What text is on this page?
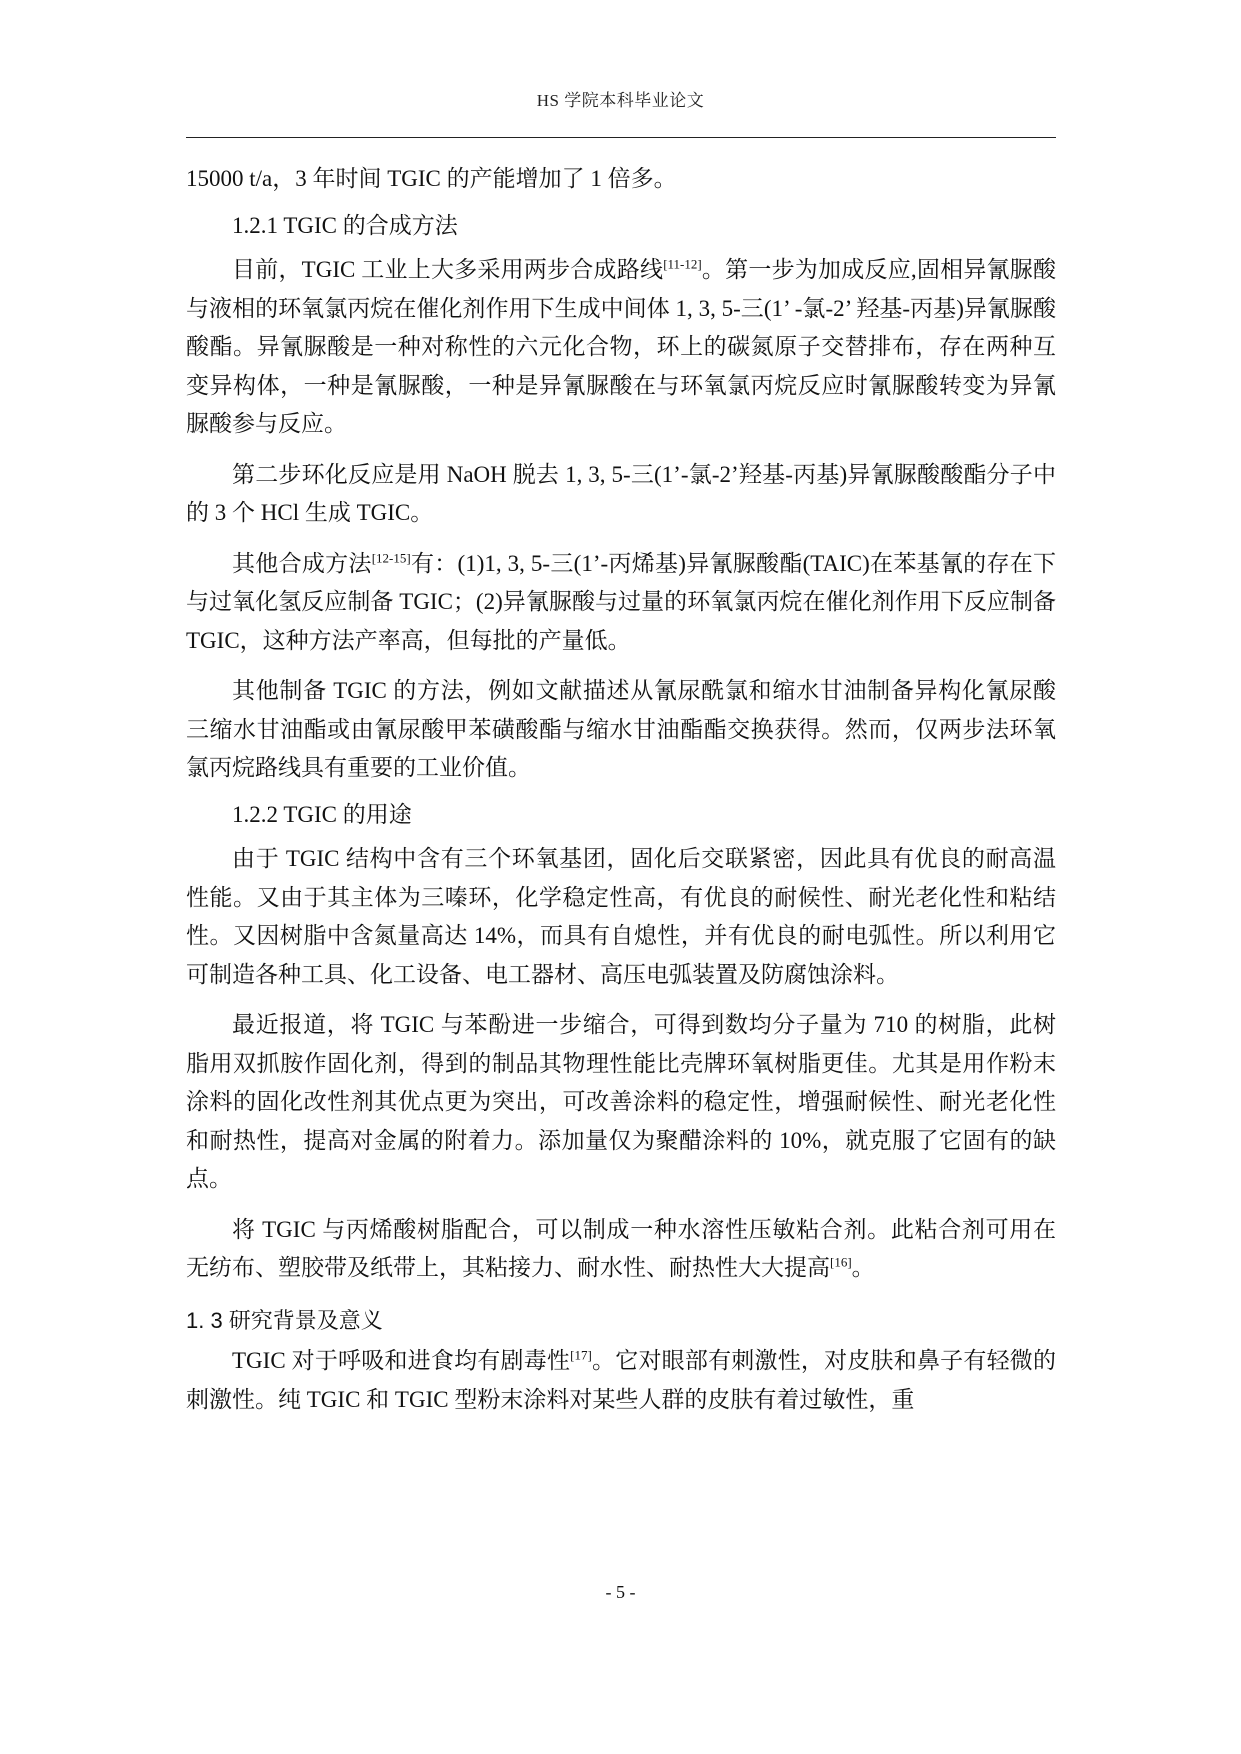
HS 学院本科毕业论文

15000 t/a，3 年时间 TGIC 的产能增加了 1 倍多。

1.2.1 TGIC 的合成方法

目前，TGIC 工业上大多采用两步合成路线[11-12]。第一步为加成反应,固相异氰脲酸与液相的环氧氯丙烷在催化剂作用下生成中间体 1, 3, 5-三(1’ -氯-2’ 羟基-丙基)异氰脲酸酸酯。异氰脲酸是一种对称性的六元化合物，环上的碳氮原子交替排布，存在两种互变异构体，一种是氰脲酸，一种是异氰脲酸在与环氧氯丙烷反应时氰脲酸转变为异氰脲酸参与反应。

第二步环化反应是用 NaOH 脱去 1, 3, 5-三(1’-氯-2’羟基-丙基)异氰脲酸酸酯分子中的 3 个 HCl 生成 TGIC。

其他合成方法[12-15]有：(1)1, 3, 5-三(1’-丙烯基)异氰脲酸酯(TAIC)在苯基氰的存在下与过氧化氢反应制备 TGIC；(2)异氰脲酸与过量的环氧氯丙烷在催化剂作用下反应制备 TGIC，这种方法产率高，但每批的产量低。

其他制备 TGIC 的方法，例如文献描述从氰尿酰氯和缩水甘油制备异构化氰尿酸三缩水甘油酯或由氰尿酸甲苯磺酸酯与缩水甘油酯酯交换获得。然而，仅两步法环氧氯丙烷路线具有重要的工业价值。

1.2.2 TGIC 的用途

由于 TGIC 结构中含有三个环氧基团，固化后交联紧密，因此具有优良的耐高温性能。又由于其主体为三嗪环，化学稳定性高，有优良的耐候性、耐光老化性和粘结性。又因树脂中含氮量高达 14%，而具有自熄性，并有优良的耐电弧性。所以利用它可制造各种工具、化工设备、电工器材、高压电弧装置及防腐蚀涂料。

最近报道，将 TGIC 与苯酚进一步缩合，可得到数均分子量为 710 的树脂，此树脂用双抓胺作固化剂，得到的制品其物理性能比壳牌环氧树脂更佳。尤其是用作粉末涂料的固化改性剂其优点更为突出，可改善涂料的稳定性，增强耐候性、耐光老化性和耐热性，提高对金属的附着力。添加量仅为聚醋涂料的 10%，就克服了它固有的缺点。

将 TGIC 与丙烯酸树脂配合，可以制成一种水溶性压敏粘合剂。此粘合剂可用在无纺布、塑胶带及纸带上，其粘接力、耐水性、耐热性大大提高[16]。

1. 3 研究背景及意义

TGIC 对于呼吸和进食均有剧毒性[17]。它对眼部有刺激性，对皮肤和鼻子有轻微的刺激性。纯 TGIC 和 TGIC 型粉末涂料对某些人群的皮肤有着过敏性，重

- 5 -
